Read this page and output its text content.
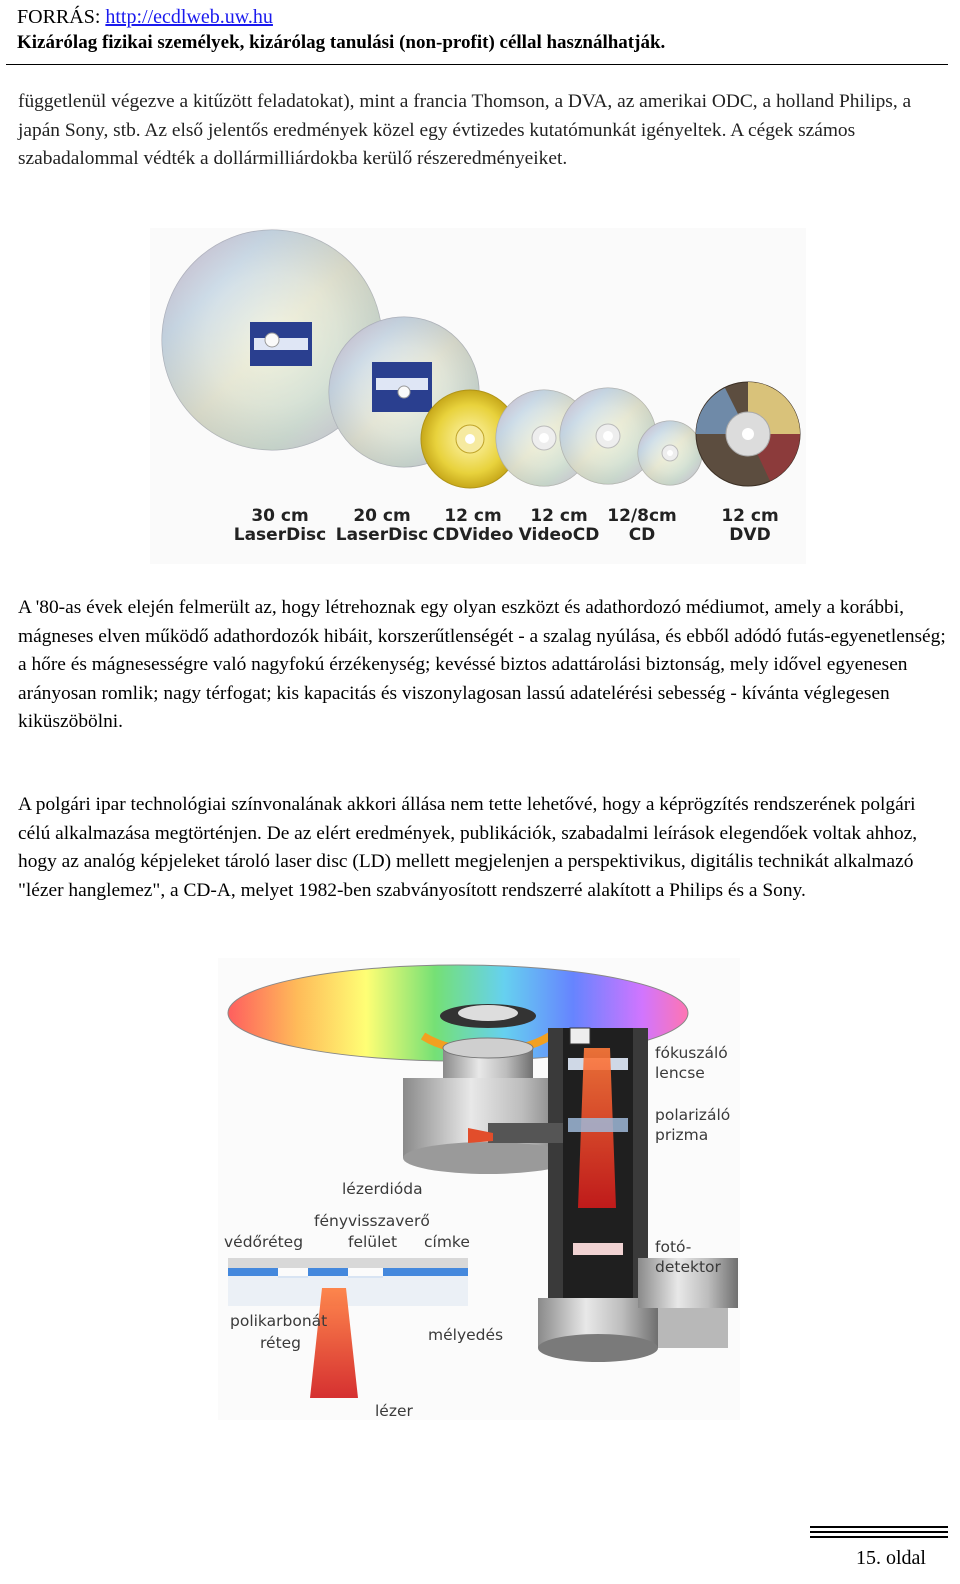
FORRÁS: http://ecdlweb.uw.hu
Kizárólag fizikai személyek, kizárólag tanulási (non-profit) céllal használhatják.

függetlenül végezve a kitűzött feladatokat), mint a francia Thomson, a DVA, az amerikai ODC, a holland Philips, a japán Sony, stb. Az első jelentős eredmények közel egy évtizedes kutatómunkát igényeltek. A cégek számos szabadalommal védték a dollármilliárdokba kerülő részeredményeiket.

30 cm
LaserDisc
20 cm
LaserDisc
12 cm
CDVideo
12 cm
VideoCD
12/8cm
CD
12 cm
DVD

A '80-as évek elején felmerült az, hogy létrehoznak egy olyan eszközt és adathordozó médiumot, amely a korábbi, mágneses elven működő adathordozók hibáit, korszerűtlenségét - a szalag nyúlása, és ebből adódó futás-egyenetlenség; a hőre és mágnesességre való nagyfokú érzékenység; kevéssé biztos adattárolási biztonság, mely idővel egyenesen arányosan romlik; nagy térfogat; kis kapacitás és viszonylagosan lassú adatelérési sebesség - kívánta véglegesen kiküszöbölni.

A polgári ipar technológiai színvonalának akkori állása nem tette lehetővé, hogy a képrögzítés rendszerének polgári célú alkalmazása megtörténjen. De az elért eredmények, publikációk, szabadalmi leírások elegendőek voltak ahhoz, hogy az analóg képjeleket tároló laser disc (LD) mellett megjelenjen a perspektivikus, digitális technikát alkalmazó "lézer hanglemez", a CD-A, melyet 1982-ben szabványosított rendszerré alakított a Philips és a Sony.

fókuszáló
lencse
polarizáló
prizma
lézerdióda
fényvisszaverő
felület
védőréteg	címke	fotó-
detektor
polikarbonát
réteg	mélyedés
lézer
15. oldal
